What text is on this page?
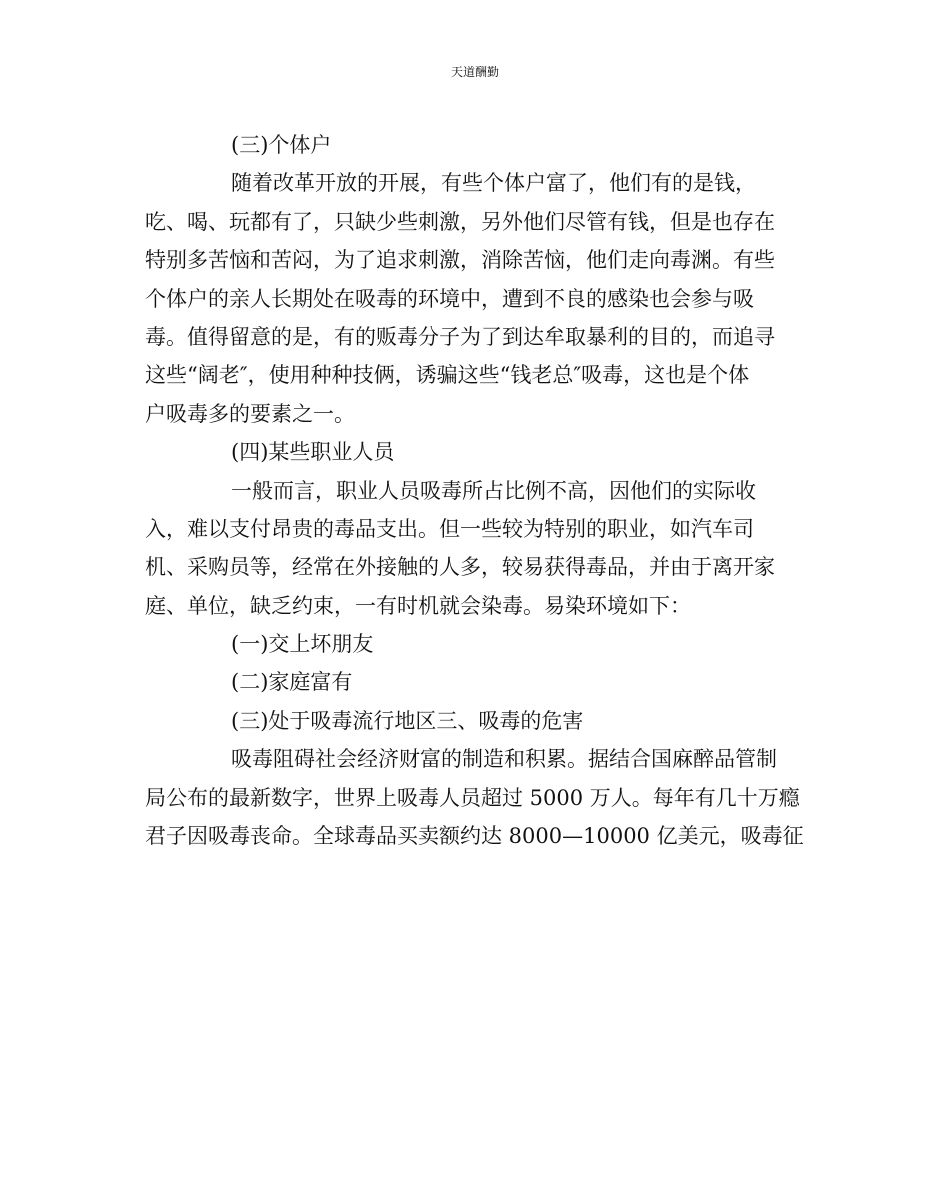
天道酬勤
(三)个体户
随着改革开放的开展，有些个体户富了，他们有的是钱，
吃、喝、玩都有了，只缺少些刺激，另外他们尽管有钱，但是也存在
特别多苦恼和苦闷，为了追求刺激，消除苦恼，他们走向毒渊。有些
个体户的亲人长期处在吸毒的环境中，遭到不良的感染也会参与吸
毒。值得留意的是，有的贩毒分子为了到达牟取暴利的目的，而追寻
这些“阔老″，使用种种技俩，诱骗这些“钱老总″吸毒，这也是个体
户吸毒多的要素之一。
(四)某些职业人员
一般而言，职业人员吸毒所占比例不高，因他们的实际收
入，难以支付昂贵的毒品支出。但一些较为特别的职业，如汽车司
机、采购员等，经常在外接触的人多，较易获得毒品，并由于离开家
庭、单位，缺乏约束，一有时机就会染毒。易染环境如下：
(一)交上坏朋友
(二)家庭富有
(三)处于吸毒流行地区三、吸毒的危害
吸毒阻碍社会经济财富的制造和积累。据结合国麻醉品管制
局公布的最新数字，世界上吸毒人员超过 5000 万人。每年有几十万瘾
君子因吸毒丧命。全球毒品买卖额约达 8000—10000 亿美元，吸毒征
